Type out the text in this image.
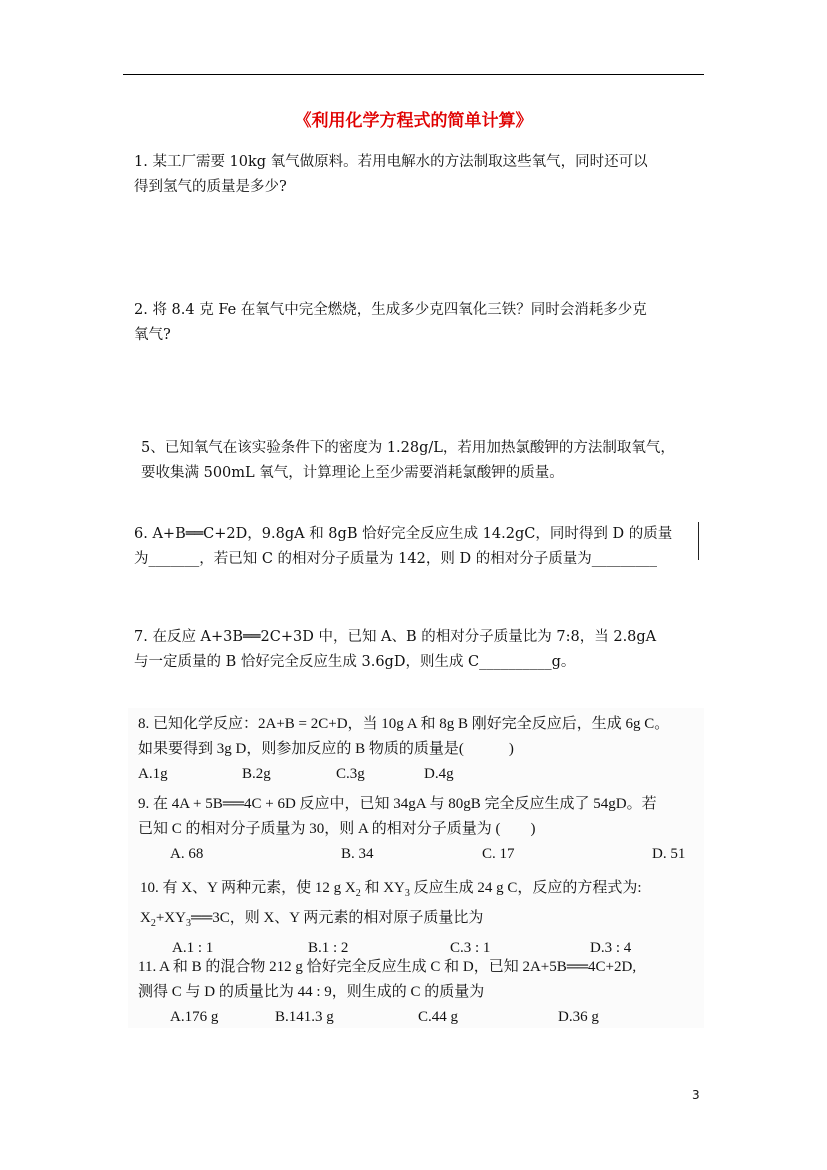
《利用化学方程式的简单计算》
1. 某工厂需要 10kg 氧气做原料。若用电解水的方法制取这些氧气，同时还可以
得到氢气的质量是多少?
2. 将 8.4 克 Fe 在氧气中完全燃烧，生成多少克四氧化三铁？同时会消耗多少克
氧气?
5、已知氧气在该实验条件下的密度为 1.28g/L，若用加热氯酸钾的方法制取氧气，
要收集满 500mL 氧气，计算理论上至少需要消耗氯酸钾的质量。
6. A+B══C+2D，9.8gA 和 8gB 恰好完全反应生成 14.2gC，同时得到 D 的质量
为_______，若已知 C 的相对分子质量为 142，则 D 的相对分子质量为_________
7. 在反应 A+3B══2C+3D 中，已知 A、B 的相对分子质量比为 7:8，当 2.8gA
与一定质量的 B 恰好完全反应生成 3.6gD，则生成 C__________g。
8. 已知化学反应：2A+B = 2C+D，当 10g A 和 8g B 刚好完全反应后，生成 6g C。
如果要得到 3g D，则参加反应的 B 物质的质量是(　　　)
A.1g	B.2g	C.3g	D.4g
9. 在 4A + 5B══4C + 6D 反应中，已知 34gA 与 80gB 完全反应生成了 54gD。若
已知 C 的相对分子质量为 30，则 A 的相对分子质量为 (　　)
A. 68	B. 34	C. 17	D. 51
10. 有 X、Y 两种元素，使 12 g $X_2$ 和 $XY_3$ 反应生成 24 g C，反应的方程式为:
$X_2+XY_3══3C$，则 X、Y 两元素的相对原子质量比为
A.1 : 1	B.1 : 2	C.3 : 1	D.3 : 4
11. A 和 B 的混合物 212 g 恰好完全反应生成 C 和 D，已知 2A+5B══4C+2D,
测得 C 与 D 的质量比为 44 : 9，则生成的 C 的质量为
A.176 g	B.141.3 g	C.44 g	D.36 g
3
